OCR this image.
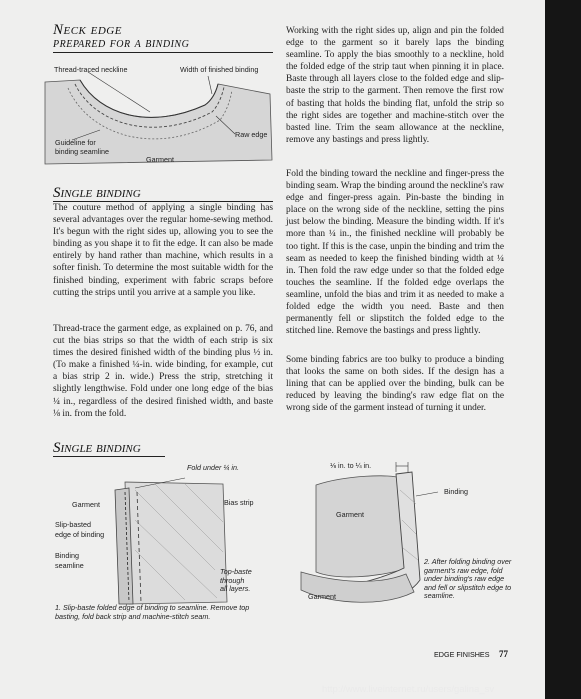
Neck edge
prepared for a binding
Thread-traced neckline	Width of finished binding
Raw edge
Guideline for
binding seamline
Garment
Single binding

The couture method of applying a single binding has several advantages over the regular home-sewing method. It's begun with the right sides up, allowing you to see the binding as you shape it to fit the edge. It can also be made entirely by hand rather than machine, which results in a softer finish. To determine the most suitable width for the finished binding, experiment with fabric scraps before cutting the strips until you arrive at a sample you like.

Thread-trace the garment edge, as explained on p. 76, and cut the bias strips so that the width of each strip is six times the desired finished width of the binding plus ½ in. (To make a finished ¼-in. wide binding, for example, cut a bias strip 2 in. wide.) Press the strip, stretching it slightly lengthwise. Fold under one long edge of the bias ¼ in., regardless of the desired finished width, and baste ⅛ in. from the fold.

Working with the right sides up, align and pin the folded edge to the garment so it barely laps the binding seamline. To apply the bias smoothly to a neckline, hold the folded edge of the strip taut when pinning it in place. Baste through all layers close to the folded edge and slip-baste the strip to the garment. Then remove the first row of basting that holds the binding flat, unfold the strip so the right sides are together and machine-stitch over the basted line. Trim the seam allowance at the neckline, remove any bastings and press lightly.

Fold the binding toward the neckline and finger-press the binding seam. Wrap the binding around the neckline's raw edge and finger-press again. Pin-baste the binding in place on the wrong side of the neckline, setting the pins just below the binding. Measure the binding width. If it's more than ¼ in., the finished neckline will probably be too tight. If this is the case, unpin the binding and trim the seam as needed to keep the finished binding width at ¼ in. Then fold the raw edge under so that the folded edge touches the seamline. If the folded edge overlaps the seamline, unfold the bias and trim it as needed to make a folded edge the width you need. Baste and then permanently fell or slipstitch the folded edge to the stitched line. Remove the bastings and press lightly.

Some binding fabrics are too bulky to produce a binding that looks the same on both sides. If the design has a lining that can be applied over the binding, bulk can be reduced by leaving the binding's raw edge flat on the wrong side of the garment instead of turning it under.

Single binding
Fold under ¼ in.
Garment	Bias strip
Slip-basted
edge of binding
Binding
seamline
Top-baste
through
all layers.
1. Slip-baste folded edge of binding to seamline. Remove top basting, fold back strip and machine-stitch seam.
⅛ in. to ¼ in.
Binding
Garment
Garment
2. After folding binding over garment's raw edge, fold under binding's raw edge and fell or slipstitch edge to seamline.
EDGE FINISHES 77
http://www.liveinternet.ru/users/galina_sv
